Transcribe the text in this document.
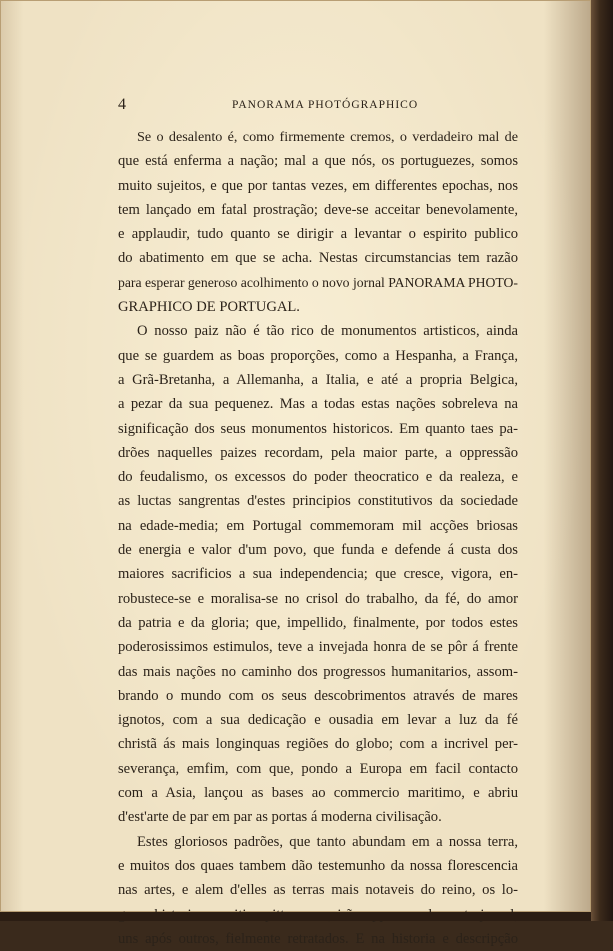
4	PANORAMA PHOTÓGRAPHICO
Se o desalento é, como firmemente cremos, o verdadeiro mal de
que está enferma a nação; mal a que nós, os portuguezes, somos
muito sujeitos, e que por tantas vezes, em differentes epochas, nos
tem lançado em fatal prostração; deve-se acceitar benevolamente,
e applaudir, tudo quanto se dirigir a levantar o espirito publico
do abatimento em que se acha. Nestas circumstancias tem razão
para esperar generoso acolhimento o novo jornal PANORAMA PHOTO-
GRAPHICO DE PORTUGAL.
O nosso paiz não é tão rico de monumentos artisticos, ainda
que se guardem as boas proporções, como a Hespanha, a França,
a Grã-Bretanha, a Allemanha, a Italia, e até a propria Belgica,
a pezar da sua pequenez. Mas a todas estas nações sobreleva na
significação dos seus monumentos historicos. Em quanto taes pa-
drões naquelles paizes recordam, pela maior parte, a oppressão
do feudalismo, os excessos do poder theocratico e da realeza, e
as luctas sangrentas d'estes principios constitutivos da sociedade
na edade-media; em Portugal commemoram mil acções briosas
de energia e valor d'um povo, que funda e defende á custa dos
maiores sacrificios a sua independencia; que cresce, vigora, en-
robustece-se e moralisa-se no crisol do trabalho, da fé, do amor
da patria e da gloria; que, impellido, finalmente, por todos estes
poderosissimos estimulos, teve a invejada honra de se pôr á frente
das mais nações no caminho dos progressos humanitarios, assom-
brando o mundo com os seus descobrimentos através de mares
ignotos, com a sua dedicação e ousadia em levar a luz da fé
christã ás mais longinquas regiões do globo; com a incrivel per-
severança, emfim, com que, pondo a Europa em facil contacto
com a Asia, lançou as bases ao commercio maritimo, e abriu
d'est'arte de par em par as portas á moderna civilisação.
Estes gloriosos padrões, que tanto abundam em a nossa terra,
e muitos dos quaes tambem dão testemunho da nossa florescencia
nas artes, e alem d'elles as terras mais notaveis do reino, os lo-
uns após outros, fielmente retratados. E na historia e descripção
